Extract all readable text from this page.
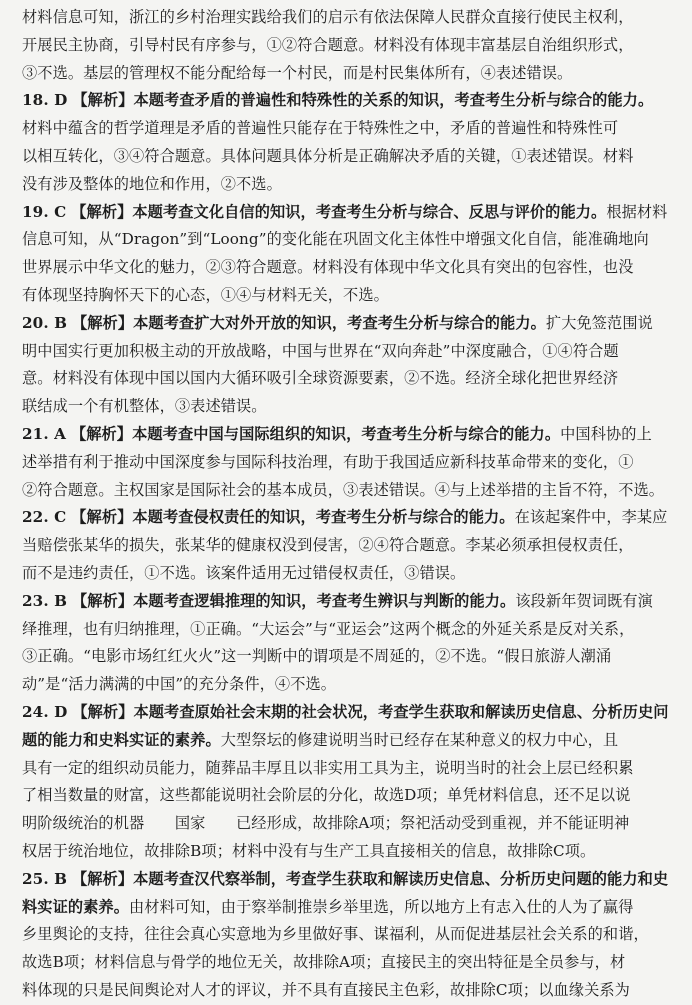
材料信息可知，浙江的乡村治理实践给我们的启示有依法保障人民群众直接行使民主权利，
开展民主协商，引导村民有序参与，①②符合题意。材料没有体现丰富基层自治组织形式，
③不选。基层的管理权不能分配给每一个村民，而是村民集体所有，④表述错误。
18. D 【解析】本题考查矛盾的普遍性和特殊性的关系的知识，考查考生分析与综合的能力。
材料中蕴含的哲学道理是矛盾的普遍性只能存在于特殊性之中，矛盾的普遍性和特殊性可
以相互转化，③④符合题意。具体问题具体分析是正确解决矛盾的关键，①表述错误。材料
没有涉及整体的地位和作用，②不选。
19. C 【解析】本题考查文化自信的知识，考查考生分析与综合、反思与评价的能力。根据材料
信息可知，从“Dragon”到“Loong”的变化能在巩固文化主体性中增强文化自信，能准确地向
世界展示中华文化的魅力，②③符合题意。材料没有体现中华文化具有突出的包容性，也没
有体现坚持胸怀天下的心态，①④与材料无关，不选。
20. B 【解析】本题考查扩大对外开放的知识，考查考生分析与综合的能力。扩大免签范围说
明中国实行更加积极主动的开放战略，中国与世界在“双向奔赴”中深度融合，①④符合题
意。材料没有体现中国以国内大循环吸引全球资源要素，②不选。经济全球化把世界经济
联结成一个有机整体，③表述错误。
21. A 【解析】本题考查中国与国际组织的知识，考查考生分析与综合的能力。中国科协的上
述举措有利于推动中国深度参与国际科技治理，有助于我国适应新科技革命带来的变化，①
②符合题意。主权国家是国际社会的基本成员，③表述错误。④与上述举措的主旨不符，不选。
22. C 【解析】本题考查侵权责任的知识，考查考生分析与综合的能力。在该起案件中，李某应
当赔偿张某华的损失，张某华的健康权没到侵害，②④符合题意。李某必须承担侵权责任，
而不是违约责任，①不选。该案件适用无过错侵权责任，③错误。
23. B 【解析】本题考查逻辑推理的知识，考查考生辨识与判断的能力。该段新年贺词既有演
绎推理，也有归纳推理，①正确。“大运会”与“亚运会”这两个概念的外延关系是反对关系，
③正确。“电影市场红红火火”这一判断中的谓项是不周延的，②不选。“假日旅游人潮涌
动”是“活力满满的中国”的充分条件，④不选。
24. D 【解析】本题考查原始社会末期的社会状况，考查学生获取和解读历史信息、分析历史问
题的能力和史料实证的素养。大型祭坛的修建说明当时已经存在某种意义的权力中心，且
具有一定的组织动员能力，随葬品丰厚且以非实用工具为主，说明当时的社会上层已经积累
了相当数量的财富，这些都能说明社会阶层的分化，故选D项；单凭材料信息，还不足以说
明阶级统治的机器　　国家　　已经形成，故排除A项；祭祀活动受到重视，并不能证明神
权居于统治地位，故排除B项；材料中没有与生产工具直接相关的信息，故排除C项。
25. B 【解析】本题考查汉代察举制，考查学生获取和解读历史信息、分析历史问题的能力和史
料实证的素养。由材料可知，由于察举制推崇乡举里选，所以地方上有志入仕的人为了赢得
乡里舆论的支持，往往会真心实意地为乡里做好事、谋福利，从而促进基层社会关系的和谐，
故选B项；材料信息与骨学的地位无关，故排除A项；直接民主的突出特征是全员参与，材
料体现的只是民间舆论对人才的评议，并不具有直接民主色彩，故排除C项；以血缘关系为
